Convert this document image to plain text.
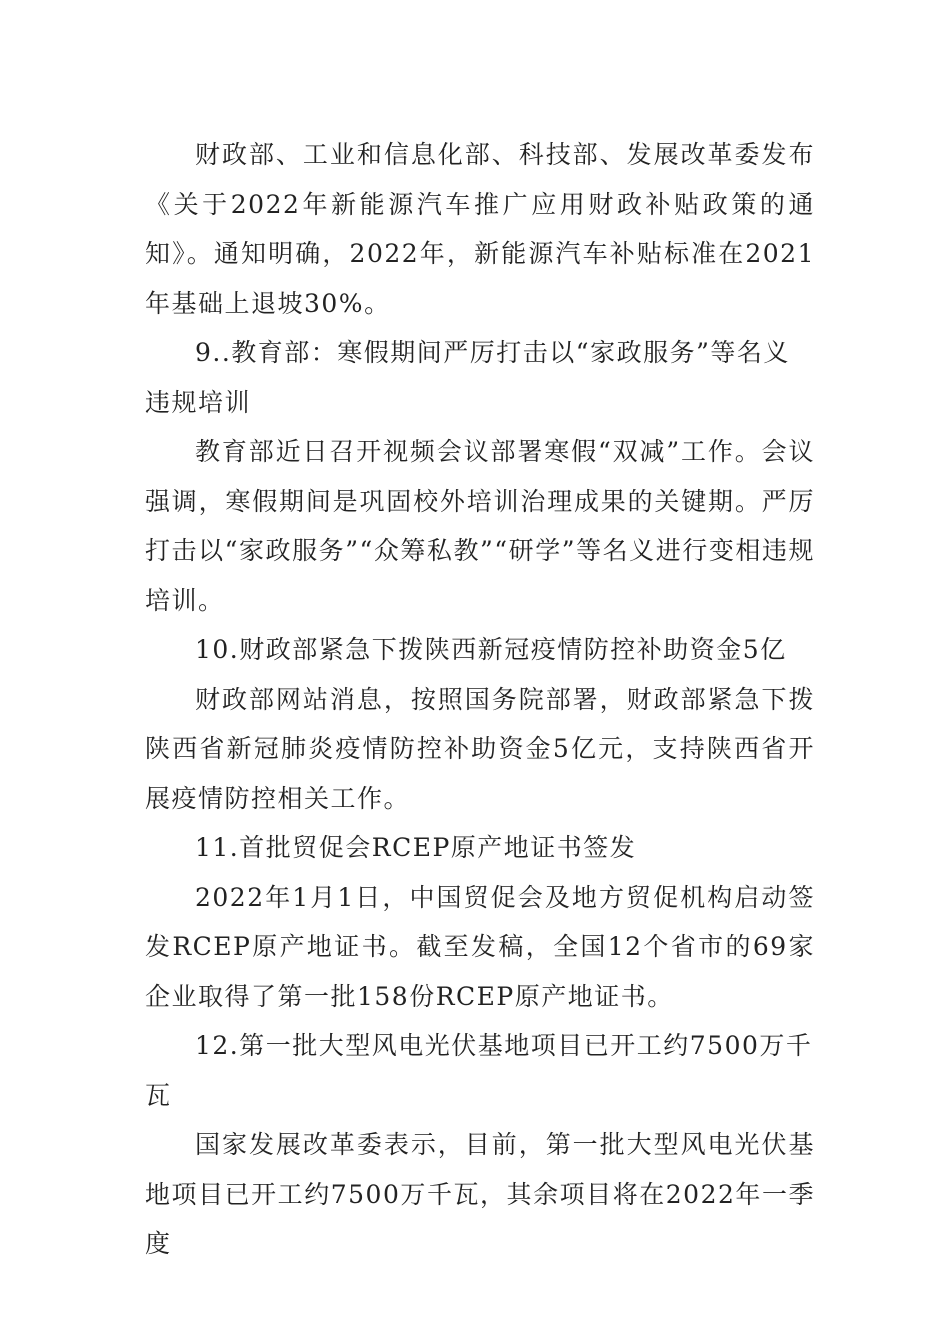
财政部、工业和信息化部、科技部、发展改革委发布《关于2022年新能源汽车推广应用财政补贴政策的通知》。通知明确，2022年，新能源汽车补贴标准在2021年基础上退坡30%。

9..教育部：寒假期间严厉打击以“家政服务”等名义违规培训

教育部近日召开视频会议部署寒假“双减”工作。会议强调，寒假期间是巩固校外培训治理成果的关键期。严厉打击以“家政服务”“众筹私教”“研学”等名义进行变相违规培训。

10.财政部紧急下拨陕西新冠疫情防控补助资金5亿

财政部网站消息，按照国务院部署，财政部紧急下拨陕西省新冠肺炎疫情防控补助资金5亿元，支持陕西省开展疫情防控相关工作。

11.首批贸促会RCEP原产地证书签发

2022年1月1日，中国贸促会及地方贸促机构启动签发RCEP原产地证书。截至发稿，全国12个省市的69家企业取得了第一批158份RCEP原产地证书。

12.第一批大型风电光伏基地项目已开工约7500万千瓦

国家发展改革委表示，目前，第一批大型风电光伏基地项目已开工约7500万千瓦，其余项目将在2022年一季度
